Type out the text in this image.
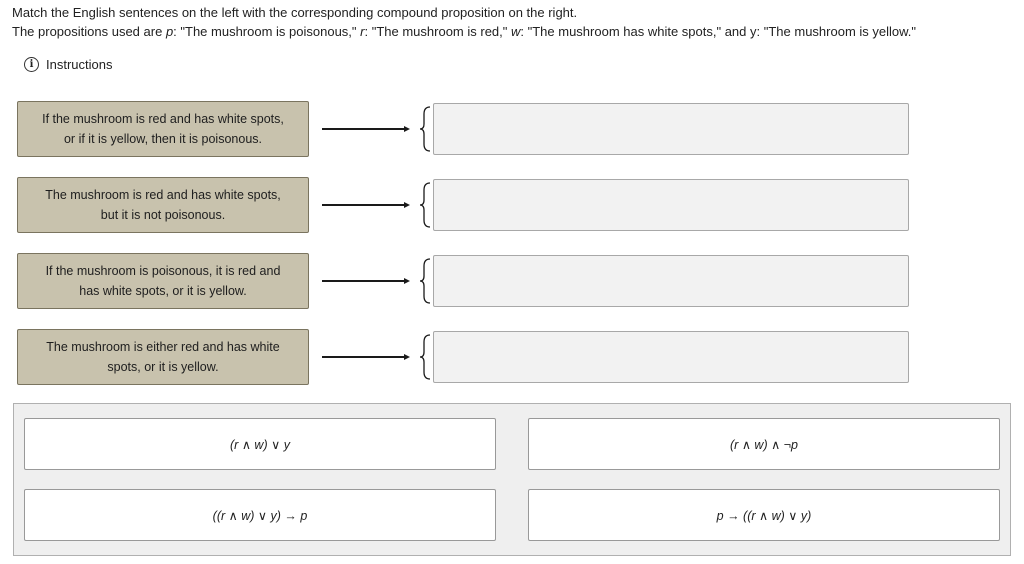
Match the English sentences on the left with the corresponding compound proposition on the right.
The propositions used are p: "The mushroom is poisonous," r: "The mushroom is red," w: "The mushroom has white spots," and y: "The mushroom is yellow."
i Instructions
If the mushroom is red and has white spots,
or if it is yellow, then it is poisonous.
The mushroom is red and has white spots,
but it is not poisonous.
If the mushroom is poisonous, it is red and
has white spots, or it is yellow.
The mushroom is either red and has white
spots, or it is yellow.
(r ∧ w) ∨ y	(r ∧ w) ∧ ¬p
((r ∧ w) ∨ y) → p	p → ((r ∧ w) ∨ y)
